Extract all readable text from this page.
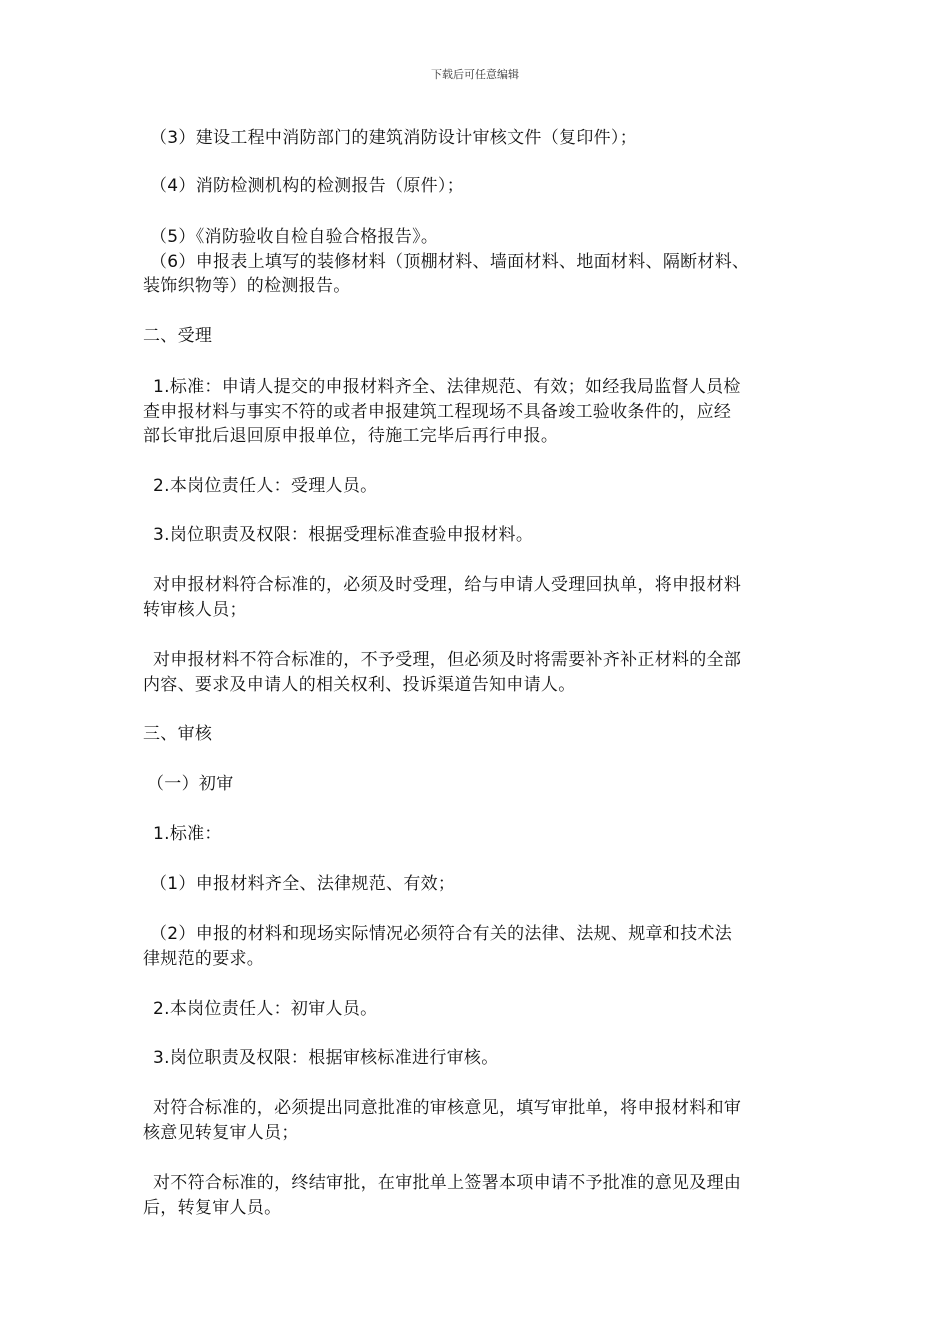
下载后可任意编辑
（3）建设工程中消防部门的建筑消防设计审核文件（复印件）；
（4）消防检测机构的检测报告（原件）；
（5）《消防验收自检自验合格报告》。
（6）申报表上填写的装修材料（顶棚材料、墙面材料、地面材料、隔断材料、
装饰织物等）的检测报告。
二、受理
1.标准：申请人提交的申报材料齐全、法律规范、有效；如经我局监督人员检
查申报材料与事实不符的或者申报建筑工程现场不具备竣工验收条件的，应经
部长审批后退回原申报单位，待施工完毕后再行申报。
2.本岗位责任人：受理人员。
3.岗位职责及权限：根据受理标准查验申报材料。
对申报材料符合标准的，必须及时受理，给与申请人受理回执单，将申报材料
转审核人员；
对申报材料不符合标准的，不予受理，但必须及时将需要补齐补正材料的全部
内容、要求及申请人的相关权利、投诉渠道告知申请人。
三、审核
（一）初审
1.标准：
（1）申报材料齐全、法律规范、有效；
（2）申报的材料和现场实际情况必须符合有关的法律、法规、规章和技术法
律规范的要求。
2.本岗位责任人：初审人员。
3.岗位职责及权限：根据审核标准进行审核。
对符合标准的，必须提出同意批准的审核意见，填写审批单，将申报材料和审
核意见转复审人员；
对不符合标准的，终结审批，在审批单上签署本项申请不予批准的意见及理由
后，转复审人员。
